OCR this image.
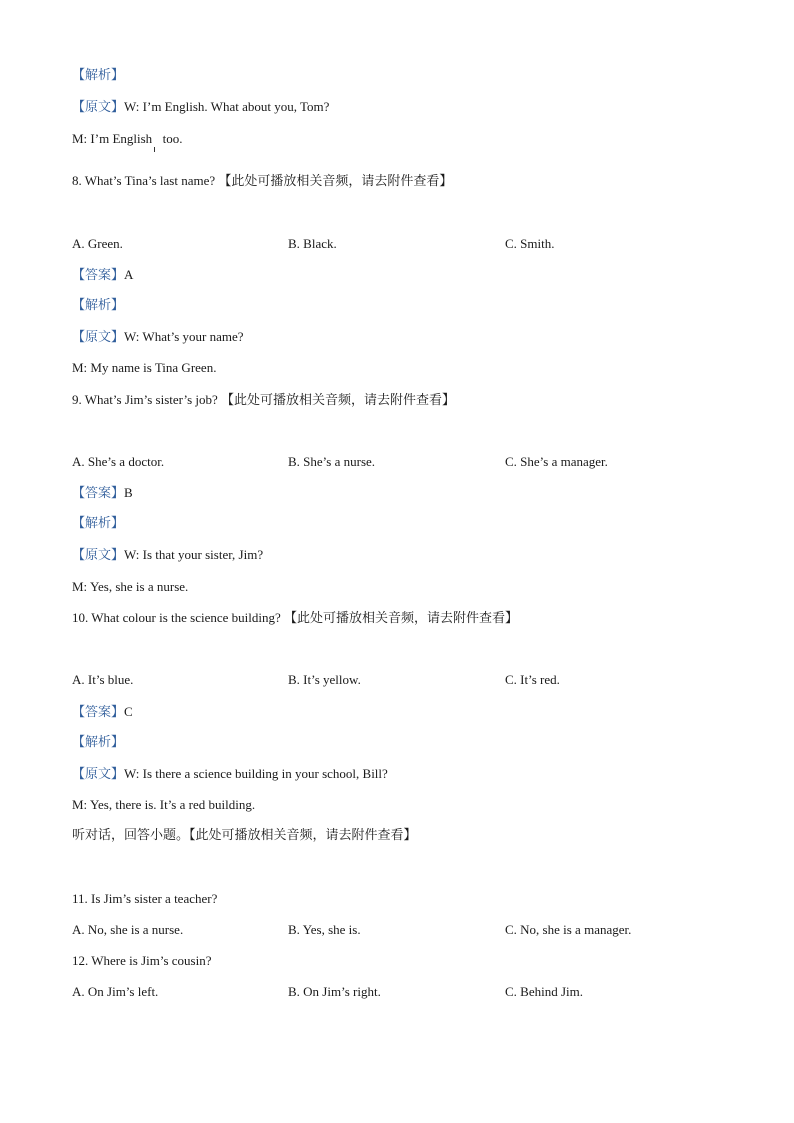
【解析】
【原文】W: I’m English. What about you, Tom?
M: I’m English too.
8. What’s Tina’s last name? 【此处可播放相关音频，请去附件查看】
A. Green.	B. Black.	C. Smith.
【答案】A
【解析】
【原文】W: What’s your name?
M: My name is Tina Green.
9. What’s Jim’s sister’s job? 【此处可播放相关音频，请去附件查看】
A. She’s a doctor.	B. She’s a nurse.	C. She’s a manager.
【答案】B
【解析】
【原文】W: Is that your sister, Jim?
M: Yes, she is a nurse.
10. What colour is the science building? 【此处可播放相关音频，请去附件查看】
A. It’s blue.	B. It’s yellow.	C. It’s red.
【答案】C
【解析】
【原文】W: Is there a science building in your school, Bill?
M: Yes, there is. It’s a red building.
听对话，回答小题。【此处可播放相关音频，请去附件查看】
11. Is Jim’s sister a teacher?
A. No, she is a nurse.	B. Yes, she is.	C. No, she is a manager.
12. Where is Jim’s cousin?
A. On Jim’s left.	B. On Jim’s right.	C. Behind Jim.
